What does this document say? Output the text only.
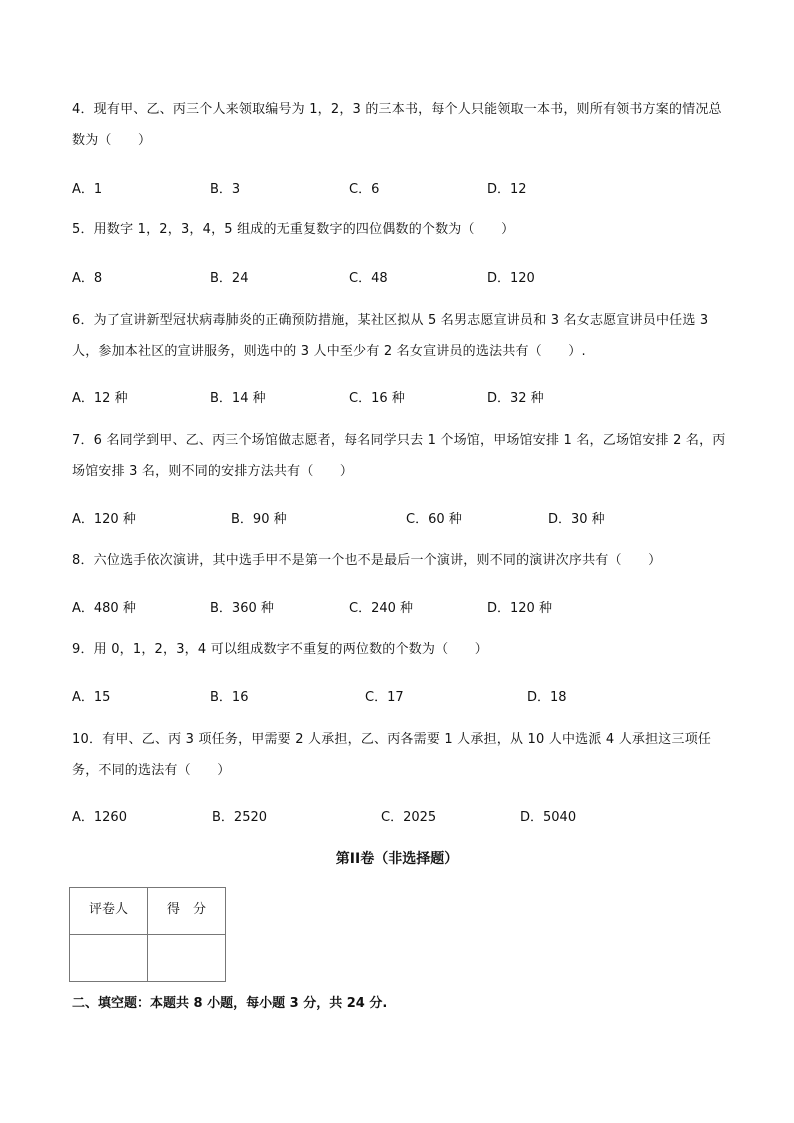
4．现有甲、乙、丙三个人来领取编号为 1，2，3 的三本书，每个人只能领取一本书，则所有领书方案的情况总数为（　　）
A．1	B．3	C．6	D．12
5．用数字 1，2，3，4，5 组成的无重复数字的四位偶数的个数为（　　）
A．8	B．24	C．48	D．120
6．为了宣讲新型冠状病毒肺炎的正确预防措施，某社区拟从 5 名男志愿宣讲员和 3 名女志愿宣讲员中任选 3 人，参加本社区的宣讲服务，则选中的 3 人中至少有 2 名女宣讲员的选法共有（　　）.
A．12 种	B．14 种	C．16 种	D．32 种
7．6 名同学到甲、乙、丙三个场馆做志愿者，每名同学只去 1 个场馆，甲场馆安排 1 名，乙场馆安排 2 名，丙场馆安排 3 名，则不同的安排方法共有（　　）
A．120 种	B．90 种	C．60 种	D．30 种
8．六位选手依次演讲，其中选手甲不是第一个也不是最后一个演讲，则不同的演讲次序共有（　　）
A．480 种	B．360 种	C．240 种	D．120 种
9．用 0，1，2，3，4 可以组成数字不重复的两位数的个数为（　　）
A．15	B．16	C．17	D．18
10．有甲、乙、丙 3 项任务，甲需要 2 人承担，乙、丙各需要 1 人承担，从 10 人中选派 4 人承担这三项任务，不同的选法有（　　）
A．1260	B．2520	C．2025	D．5040
第II卷（非选择题）
评卷人	得　分

二、填空题：本题共 8 小题，每小题 3 分，共 24 分.
